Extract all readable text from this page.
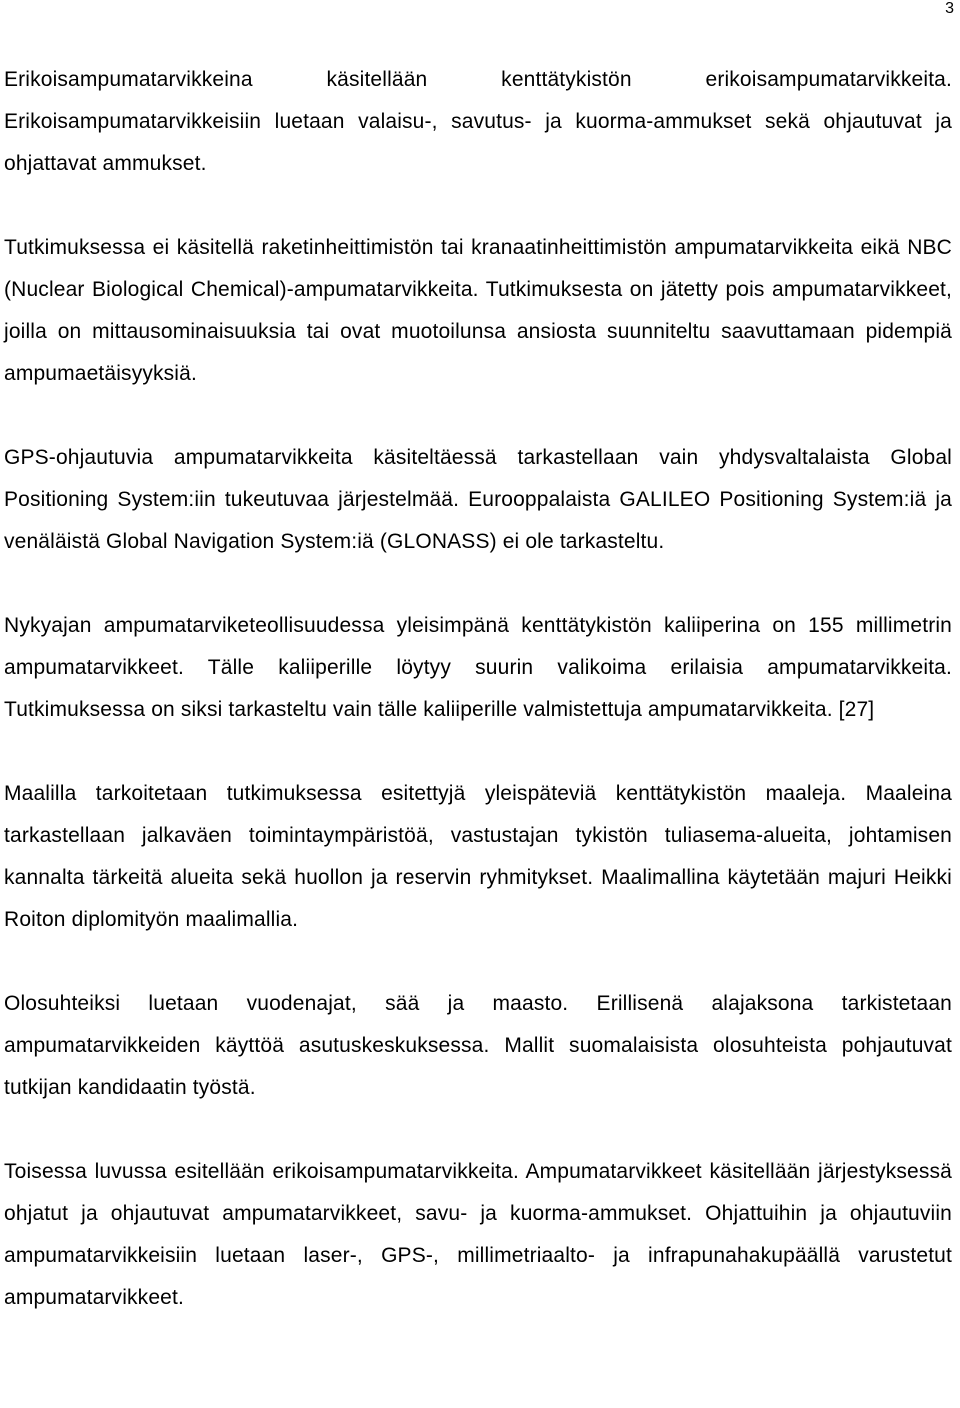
3

Erikoisampumatarvikkeina käsitellään kenttätykistön erikoisampumatarvikkeita. Erikoisampumatarvikkeisiin luetaan valaisu-, savutus- ja kuorma-ammukset sekä ohjautuvat ja ohjattavat ammukset.

Tutkimuksessa ei käsitellä raketinheittimistön tai kranaatinheittimistön ampumatarvikkeita eikä NBC (Nuclear Biological Chemical)-ampumatarvikkeita. Tutkimuksesta on jätetty pois ampumatarvikkeet, joilla on mittausominaisuuksia tai ovat muotoilunsa ansiosta suunniteltu saavuttamaan pidempiä ampumaetäisyyksiä.

GPS-ohjautuvia ampumatarvikkeita käsiteltäessä tarkastellaan vain yhdysvaltalaista Global Positioning System:iin tukeutuvaa järjestelmää. Eurooppalaista GALILEO Positioning System:iä ja venäläistä Global Navigation System:iä (GLONASS) ei ole tarkasteltu.

Nykyajan ampumatarviketeollisuudessa yleisimpänä kenttätykistön kaliiperina on 155 millimetrin ampumatarvikkeet. Tälle kaliiperille löytyy suurin valikoima erilaisia ampumatarvikkeita. Tutkimuksessa on siksi tarkasteltu vain tälle kaliiperille valmistettuja ampumatarvikkeita. [27]

Maalilla tarkoitetaan tutkimuksessa esitettyjä yleispäteviä kenttätykistön maaleja. Maaleina tarkastellaan jalkaväen toimintaympäristöä, vastustajan tykistön tuliasema-alueita, johtamisen kannalta tärkeitä alueita sekä huollon ja reservin ryhmitykset. Maalimallina käytetään majuri Heikki Roiton diplomityön maalimallia.

Olosuhteiksi luetaan vuodenajat, sää ja maasto. Erillisenä alajaksona tarkistetaan ampumatarvikkeiden käyttöä asutuskeskuksessa. Mallit suomalaisista olosuhteista pohjautuvat tutkijan kandidaatin työstä.

Toisessa luvussa esitellään erikoisampumatarvikkeita. Ampumatarvikkeet käsitellään järjestyksessä ohjatut ja ohjautuvat ampumatarvikkeet, savu- ja kuorma-ammukset. Ohjattuihin ja ohjautuviin ampumatarvikkeisiin luetaan laser-, GPS-, millimetriaalto- ja infrapunahakupäällä varustetut ampumatarvikkeet.
